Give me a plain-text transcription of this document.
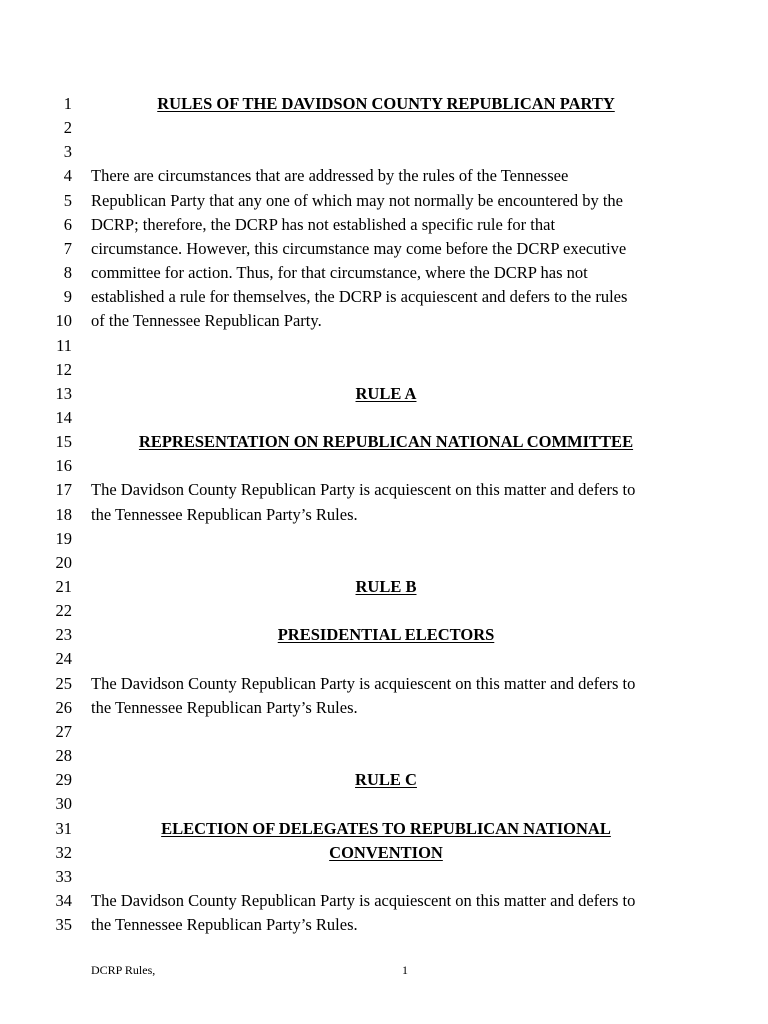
1	RULES OF THE DAVIDSON COUNTY REPUBLICAN PARTY
2
3
4 There are circumstances that are addressed by the rules of the Tennessee
5 Republican Party that any one of which may not normally be encountered by the
6 DCRP; therefore, the DCRP has not established a specific rule for that
7 circumstance. However, this circumstance may come before the DCRP executive
8 committee for action. Thus, for that circumstance, where the DCRP has not
9 established a rule for themselves, the DCRP is acquiescent and defers to the rules
10 of the Tennessee Republican Party.
11
12
13	RULE A
14
15	REPRESENTATION ON REPUBLICAN NATIONAL COMMITTEE
16
17 The Davidson County Republican Party is acquiescent on this matter and defers to
18 the Tennessee Republican Party’s Rules.
19
20
21	RULE B
22
23	PRESIDENTIAL ELECTORS
24
25 The Davidson County Republican Party is acquiescent on this matter and defers to
26 the Tennessee Republican Party’s Rules.
27
28
29	RULE C
30
31	ELECTION OF DELEGATES TO REPUBLICAN NATIONAL
32	CONVENTION
33
34 The Davidson County Republican Party is acquiescent on this matter and defers to
35 the Tennessee Republican Party’s Rules.
DCRP Rules,	1
